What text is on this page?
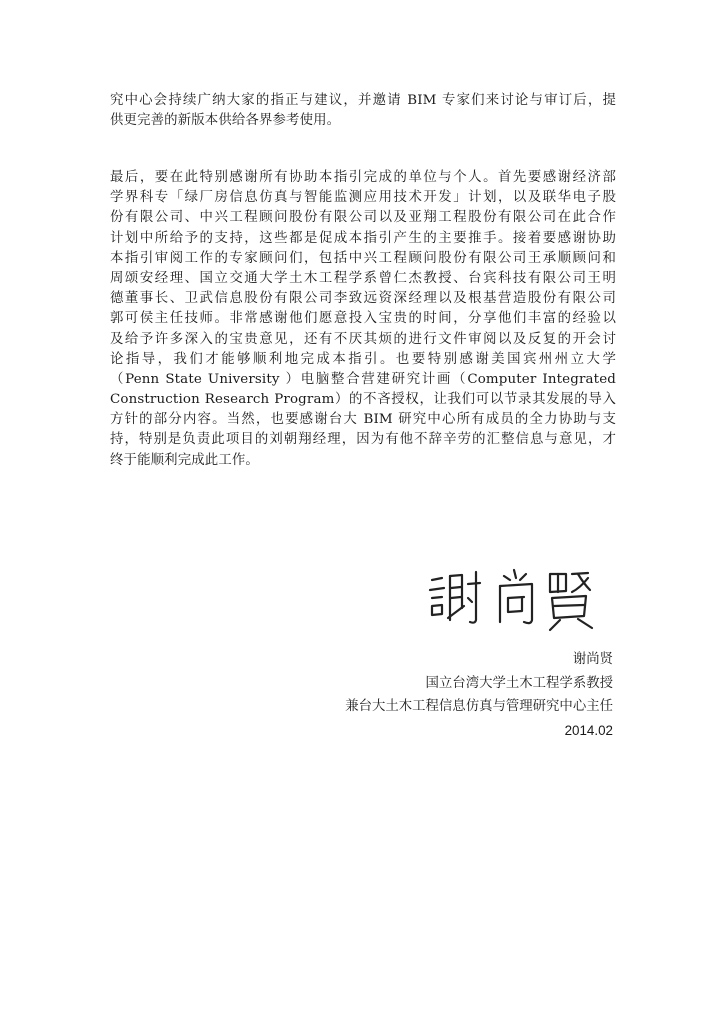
究中心会持续广纳大家的指正与建议，并邀请 BIM 专家们来讨论与审订后，提
供更完善的新版本供给各界参考使用。
最后，要在此特别感谢所有协助本指引完成的单位与个人。首先要感谢经济部
学界科专「绿厂房信息仿真与智能监测应用技术开发」计划，以及联华电子股
份有限公司、中兴工程顾问股份有限公司以及亚翔工程股份有限公司在此合作
计划中所给予的支持，这些都是促成本指引产生的主要推手。接着要感谢协助
本指引审阅工作的专家顾问们，包括中兴工程顾问股份有限公司王承顺顾问和
周颂安经理、国立交通大学土木工程学系曾仁杰教授、台宾科技有限公司王明
德董事长、卫武信息股份有限公司李致远资深经理以及根基营造股份有限公司
郭可侯主任技师。非常感谢他们愿意投入宝贵的时间，分享他们丰富的经验以
及给予许多深入的宝贵意见，还有不厌其烦的进行文件审阅以及反复的开会讨
论指导，我们才能够顺利地完成本指引。也要特别感谢美国宾州州立大学
（Penn State University ）电脑整合营建研究计画（Computer Integrated
Construction Research Program）的不吝授权，让我们可以节录其发展的导入
方针的部分内容。当然，也要感谢台大 BIM 研究中心所有成员的全力协助与支
持，特别是负责此项目的刘朝翔经理，因为有他不辞辛劳的汇整信息与意见，才
终于能顺利完成此工作。
谢尚贤
国立台湾大学土木工程学系教授
兼台大土木工程信息仿真与管理研究中心主任
2014.02
